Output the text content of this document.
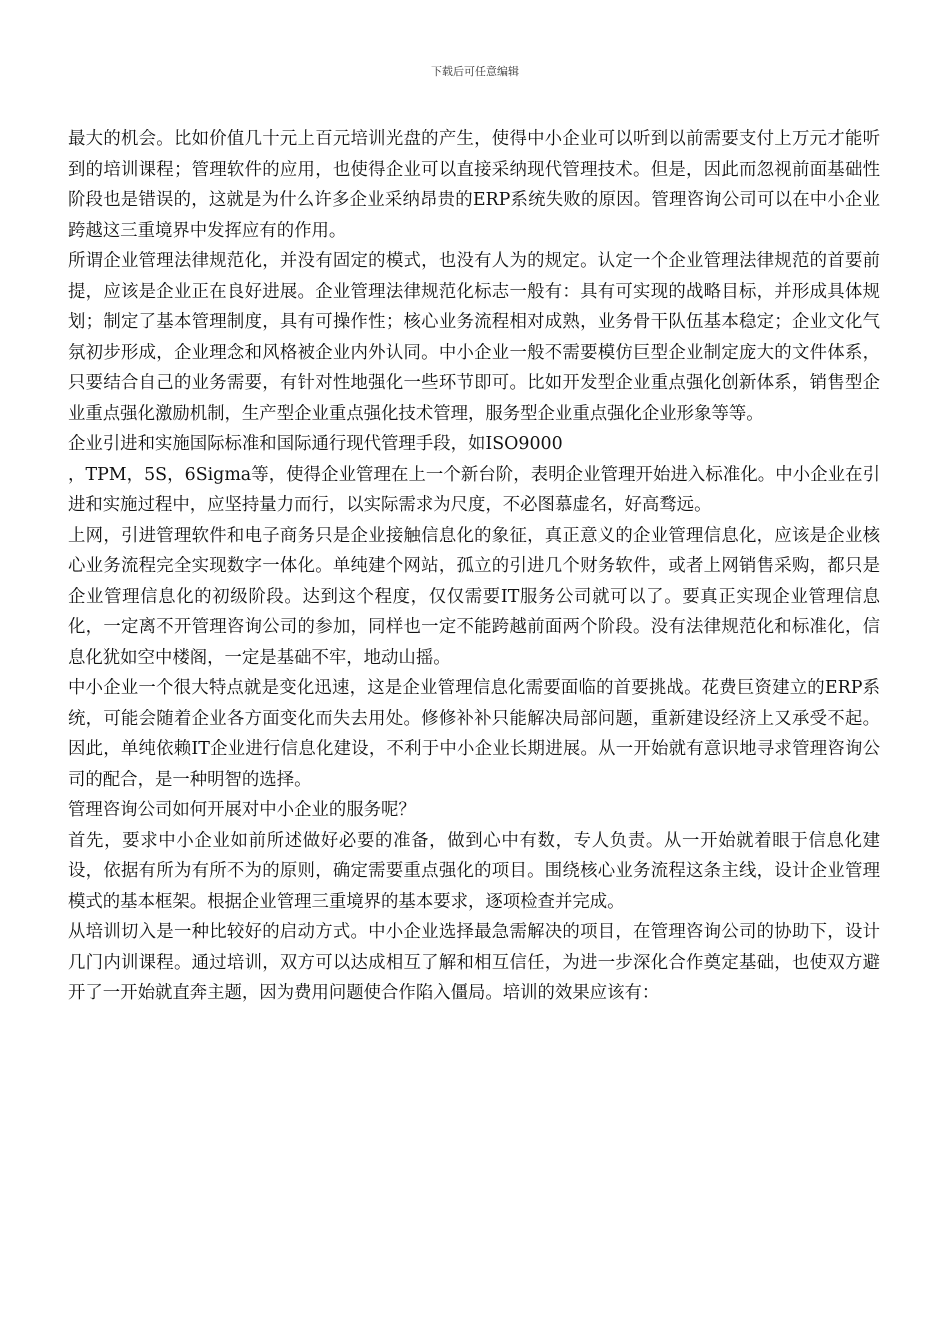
下载后可任意编辑

最大的机会。比如价值几十元上百元培训光盘的产生，使得中小企业可以听到以前需要支付上万元才能听到的培训课程；管理软件的应用，也使得企业可以直接采纳现代管理技术。但是，因此而忽视前面基础性阶段也是错误的，这就是为什么许多企业采纳昂贵的ERP系统失败的原因。管理咨询公司可以在中小企业跨越这三重境界中发挥应有的作用。

所谓企业管理法律规范化，并没有固定的模式，也没有人为的规定。认定一个企业管理法律规范的首要前提，应该是企业正在良好进展。企业管理法律规范化标志一般有：具有可实现的战略目标，并形成具体规划；制定了基本管理制度，具有可操作性；核心业务流程相对成熟，业务骨干队伍基本稳定；企业文化气氛初步形成，企业理念和风格被企业内外认同。中小企业一般不需要模仿巨型企业制定庞大的文件体系，只要结合自己的业务需要，有针对性地强化一些环节即可。比如开发型企业重点强化创新体系，销售型企业重点强化激励机制，生产型企业重点强化技术管理，服务型企业重点强化企业形象等等。

企业引进和实施国际标准和国际通行现代管理手段，如ISO9000

，TPM，5S，6Sigma等，使得企业管理在上一个新台阶，表明企业管理开始进入标准化。中小企业在引进和实施过程中，应坚持量力而行，以实际需求为尺度，不必图慕虚名，好高骛远。

上网，引进管理软件和电子商务只是企业接触信息化的象征，真正意义的企业管理信息化，应该是企业核心业务流程完全实现数字一体化。单纯建个网站，孤立的引进几个财务软件，或者上网销售采购，都只是企业管理信息化的初级阶段。达到这个程度，仅仅需要IT服务公司就可以了。要真正实现企业管理信息化，一定离不开管理咨询公司的参加，同样也一定不能跨越前面两个阶段。没有法律规范化和标准化，信息化犹如空中楼阁，一定是基础不牢，地动山摇。

中小企业一个很大特点就是变化迅速，这是企业管理信息化需要面临的首要挑战。花费巨资建立的ERP系统，可能会随着企业各方面变化而失去用处。修修补补只能解决局部问题，重新建设经济上又承受不起。因此，单纯依赖IT企业进行信息化建设，不利于中小企业长期进展。从一开始就有意识地寻求管理咨询公司的配合，是一种明智的选择。

管理咨询公司如何开展对中小企业的服务呢？

首先，要求中小企业如前所述做好必要的准备，做到心中有数，专人负责。从一开始就着眼于信息化建设，依据有所为有所不为的原则，确定需要重点强化的项目。围绕核心业务流程这条主线，设计企业管理模式的基本框架。根据企业管理三重境界的基本要求，逐项检查并完成。

从培训切入是一种比较好的启动方式。中小企业选择最急需解决的项目，在管理咨询公司的协助下，设计几门内训课程。通过培训，双方可以达成相互了解和相互信任，为进一步深化合作奠定基础，也使双方避开了一开始就直奔主题，因为费用问题使合作陷入僵局。培训的效果应该有：
